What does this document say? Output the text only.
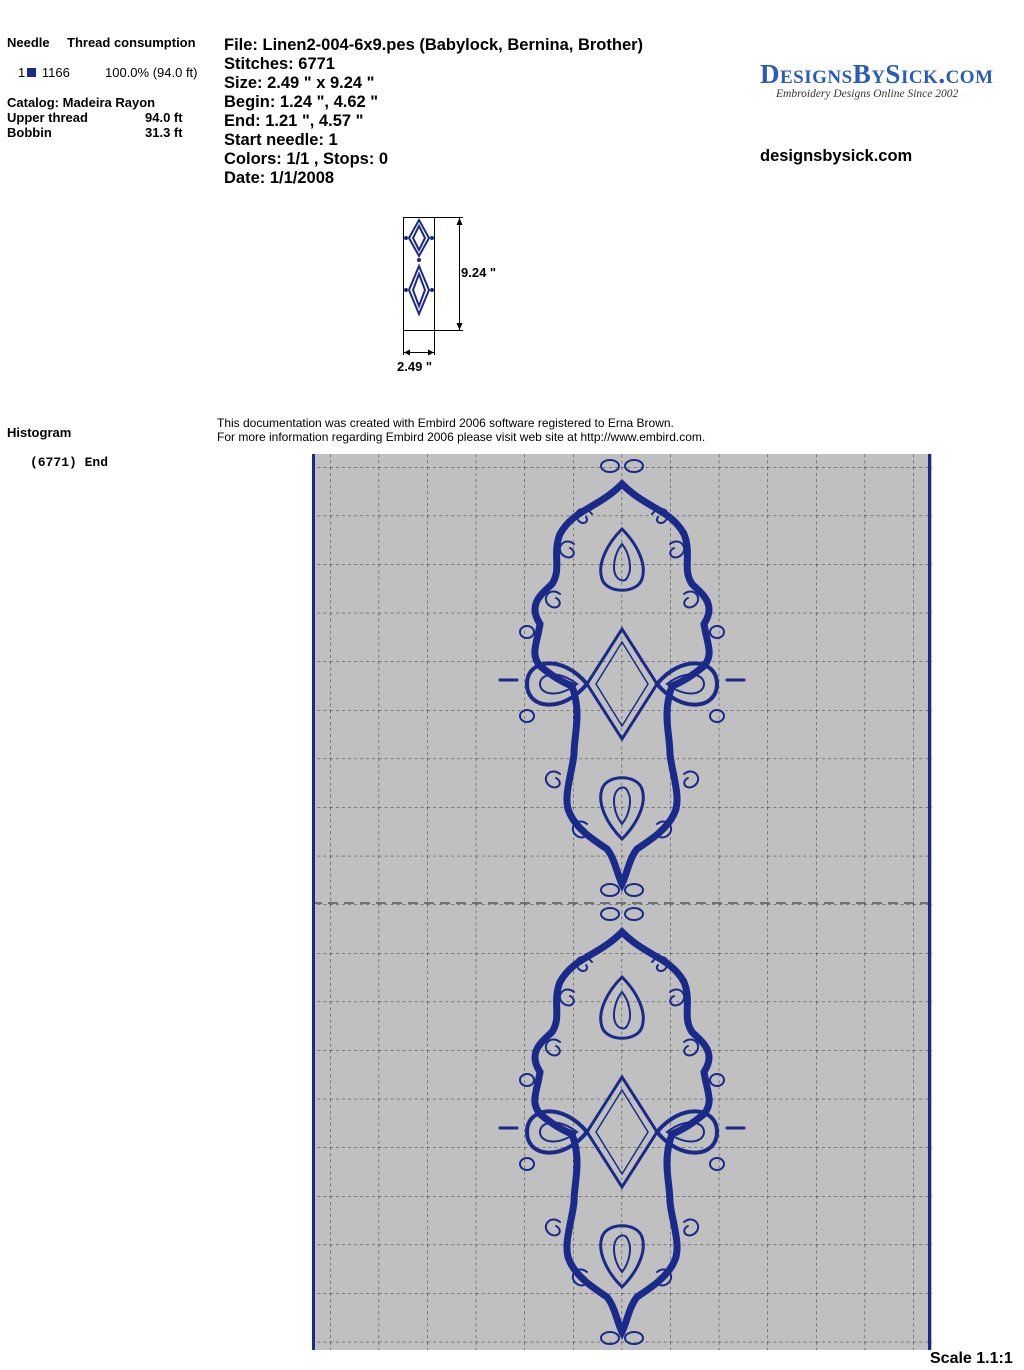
Needle Thread consumption
1 1166	100.0% (94.0 ft)
Catalog: Madeira Rayon
Upper thread	94.0 ft
Bobbin	31.3 ft
File: Linen2-004-6x9.pes (Babylock, Bernina, Brother)
Stitches: 6771
Size: 2.49 " x 9.24 "
Begin: 1.24 ", 4.62 "
End: 1.21 ", 4.57 "
Start needle: 1
Colors: 1/1 , Stops: 0
Date: 1/1/2008
DesignsBySick.com
Embroidery Designs Online Since 2002
designsbysick.com
9.24 "
2.49 "
Histogram
(6771) End
This documentation was created with Embird 2006 software registered to Erna Brown.
For more information regarding Embird 2006 please visit web site at http://www.embird.com.
Scale 1.1:1
